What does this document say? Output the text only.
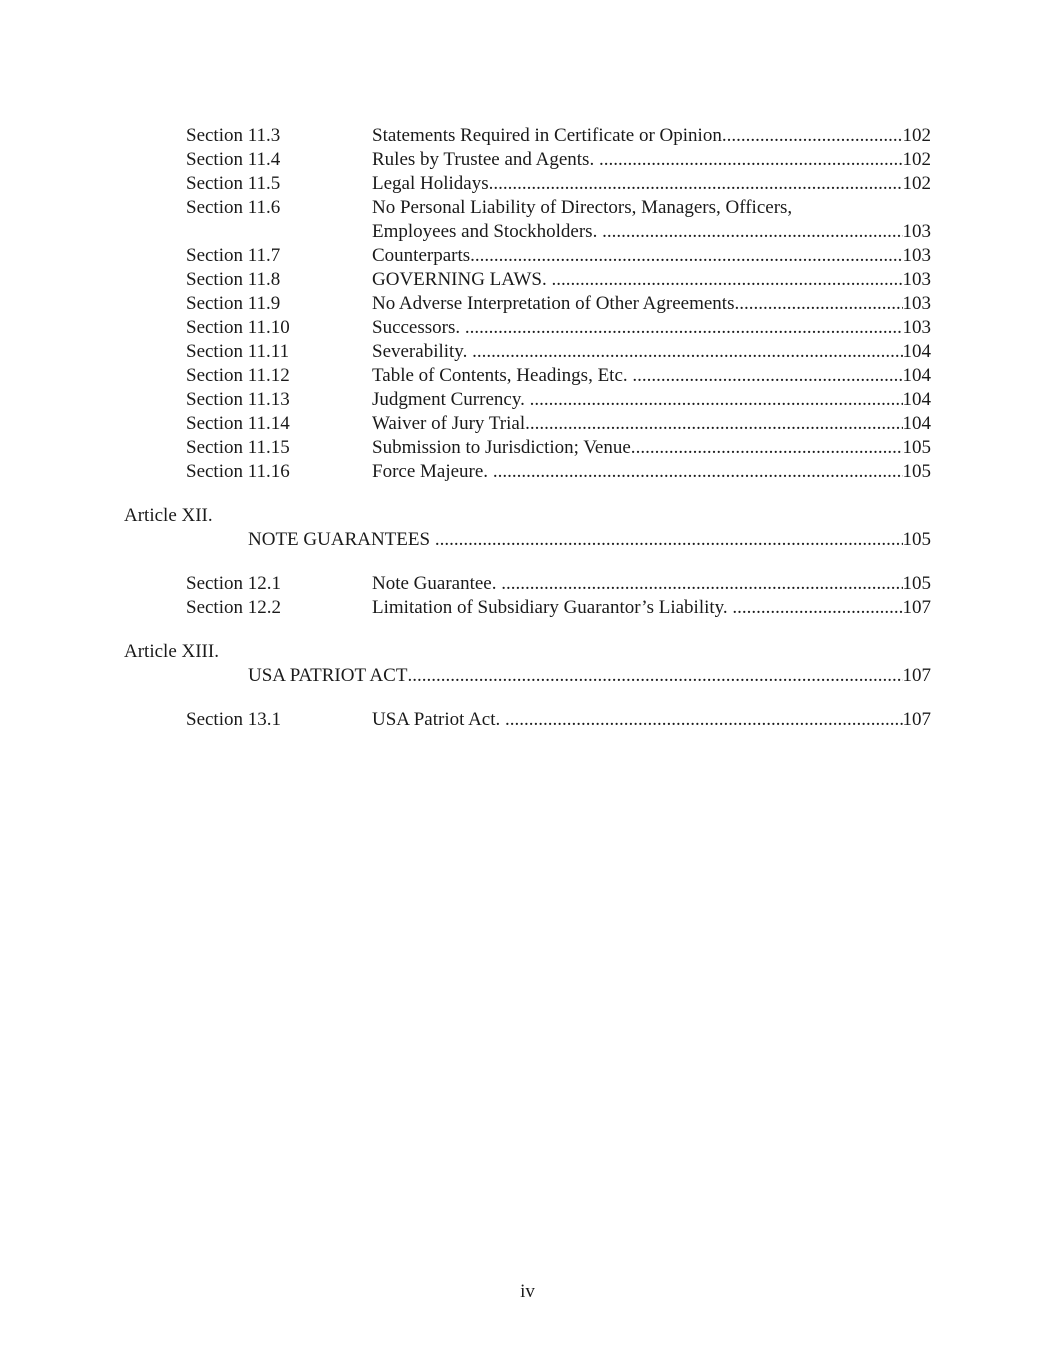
Section 11.3	Statements Required in Certificate or Opinion. .....	102
Section 11.4	Rules by Trustee and Agents. .....	102
Section 11.5	Legal Holidays. .....	102
Section 11.6	No Personal Liability of Directors, Managers, Officers,
Employees and Stockholders. .....	103
Section 11.7	Counterparts. .....	103
Section 11.8	GOVERNING LAWS. .....	103
Section 11.9	No Adverse Interpretation of Other Agreements. .....	103
Section 11.10	Successors. .....	103
Section 11.11	Severability. .....	104
Section 11.12	Table of Contents, Headings, Etc. .....	104
Section 11.13	Judgment Currency. .....	104
Section 11.14	Waiver of Jury Trial. .....	104
Section 11.15	Submission to Jurisdiction; Venue. .....	105
Section 11.16	Force Majeure. .....	105
Article XII.
NOTE GUARANTEES .....	105
Section 12.1	Note Guarantee. .....	105
Section 12.2	Limitation of Subsidiary Guarantor’s Liability. .....	107
Article XIII.
USA PATRIOT ACT .....	107
Section 13.1	USA Patriot Act. .....	107
iv
